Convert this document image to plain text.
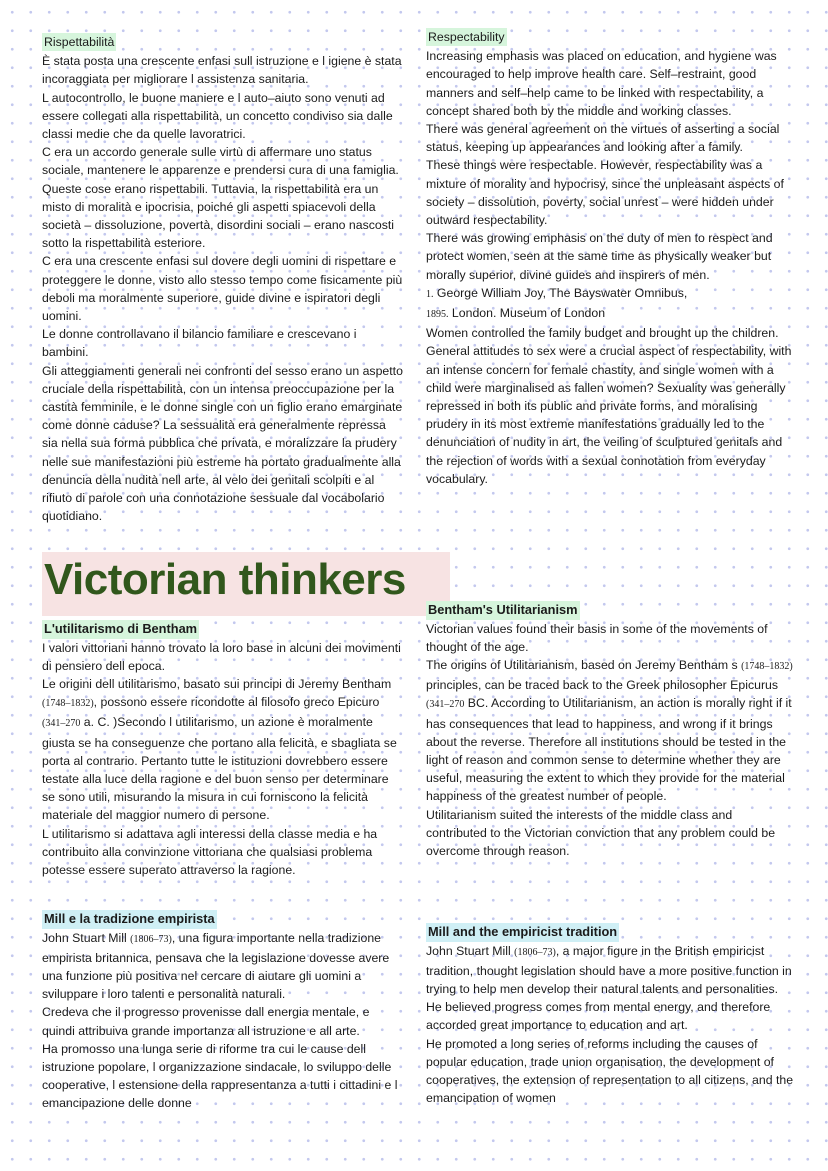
Rispettabilità

È stata posta una crescente enfasi sull istruzione e l igiene è stata incoraggiata per migliorare l assistenza sanitaria.

L autocontrollo, le buone maniere e l auto–aiuto sono venuti ad essere collegati alla rispettabilità, un concetto condiviso sia dalle classi medie che da quelle lavoratrici.

C era un accordo generale sulle virtù di affermare uno status sociale, mantenere le apparenze e prendersi cura di una famiglia.

Queste cose erano rispettabili. Tuttavia, la rispettabilità era un misto di moralità e ipocrisia, poiché gli aspetti spiacevoli della società – dissoluzione, povertà, disordini sociali – erano nascosti sotto la rispettabilità esteriore.

C era una crescente enfasi sul dovere degli uomini di rispettare e proteggere le donne, visto allo stesso tempo come fisicamente più deboli ma moralmente superiore, guide divine e ispiratori degli uomini.

Le donne controllavano il bilancio familiare e crescevano i bambini.

Gli atteggiamenti generali nei confronti del sesso erano un aspetto cruciale della rispettabilità, con un intensa preoccupazione per la castità femminile, e le donne single con un figlio erano emarginate come donne caduse? La sessualità era generalmente repressa sia nella sua forma pubblica che privata, e moralizzare la prudery nelle sue manifestazioni più estreme ha portato gradualmente alla denuncia della nudità nell arte, al velo dei genitali scolpiti e al rifiuto di parole con una connotazione sessuale dal vocabolario quotidiano.

Respectability

Increasing emphasis was placed on education, and hygiene was encouraged to help improve health care. Self–restraint, good manners and self–help came to be linked with respectability, a concept shared both by the middle and working classes.

There was general agreement on the virtues of asserting a social status, keeping up appearances and looking after a family.

These things were respectable. However, respectability was a mixture of morality and hypocrisy, since the unpleasant aspects of society – dissolution, poverty, social unrest – were hidden under outward respectability.

There was growing emphasis on the duty of men to respect and protect women, seen at the same time as physically weaker but morally superior, divine guides and inspirers of men.

1. George William Joy, The Bayswater Omnibus,
1895. London. Museum of London

Women controlled the family budget and brought up the children.

General attitudes to sex were a crucial aspect of respectability, with an intense concern for female chastity, and single women with a child were marginalised as fallen women? Sexuality was generally repressed in both its public and private forms, and moralising prudery in its most extreme manifestations gradually led to the denunciation of nudity in art, the veiling of sculptured genitals and the rejection of words with a sexual connotation from everyday vocabulary.

Victorian thinkers
L'utilitarismo di Bentham

I valori vittoriani hanno trovato la loro base in alcuni dei movimenti di pensiero dell epoca.

Le origini dell utilitarismo, basato sui principi di Jeremy Bentham (1748–1832), possono essere ricondotte al filosofo greco Epicuro (341–270 a. C. )Secondo l utilitarismo, un azione è moralmente giusta se ha conseguenze che portano alla felicità, e sbagliata se porta al contrario. Pertanto tutte le istituzioni dovrebbero essere testate alla luce della ragione e del buon senso per determinare se sono utili, misurando la misura in cui forniscono la felicità materiale del maggior numero di persone.

L utilitarismo si adattava agli interessi della classe media e ha contribuito alla convinzione vittoriana che qualsiasi problema potesse essere superato attraverso la ragione.

Bentham's Utilitarianism

Victorian values found their basis in some of the movements of thought of the age.

The origins of Utilitarianism, based on Jeremy Bentham s (1748–1832) principles, can be traced back to the Greek philosopher Epicurus (341–270 BC. According to Utilitarianism, an action is morally right if it has consequences that lead to happiness, and wrong if it brings about the reverse. Therefore all institutions should be tested in the light of reason and common sense to determine whether they are useful, measuring the extent to which they provide for the material happiness of the greatest number of people.

Utilitarianism suited the interests of the middle class and contributed to the Victorian conviction that any problem could be overcome through reason.

Mill e la tradizione empirista

John Stuart Mill (1806–73), una figura importante nella tradizione empirista britannica, pensava che la legislazione dovesse avere una funzione più positiva nel cercare di aiutare gli uomini a sviluppare i loro talenti e personalità naturali.

Credeva che il progresso provenisse dall energia mentale, e quindi attribuiva grande importanza all istruzione e all arte.

Ha promosso una lunga serie di riforme tra cui le cause dell istruzione popolare, l organizzazione sindacale, lo sviluppo delle cooperative, l estensione della rappresentanza a tutti i cittadini e l emancipazione delle donne

Mill and the empiricist tradition

John Stuart Mill (1806–73), a major figure in the British empiricist tradition, thought legislation should have a more positive function in trying to help men develop their natural talents and personalities.

He believed progress comes from mental energy, and therefore accorded great importance to education and art.

He promoted a long series of reforms including the causes of popular education, trade union organisation, the development of cooperatives, the extension of representation to all citizens, and the emancipation of women
